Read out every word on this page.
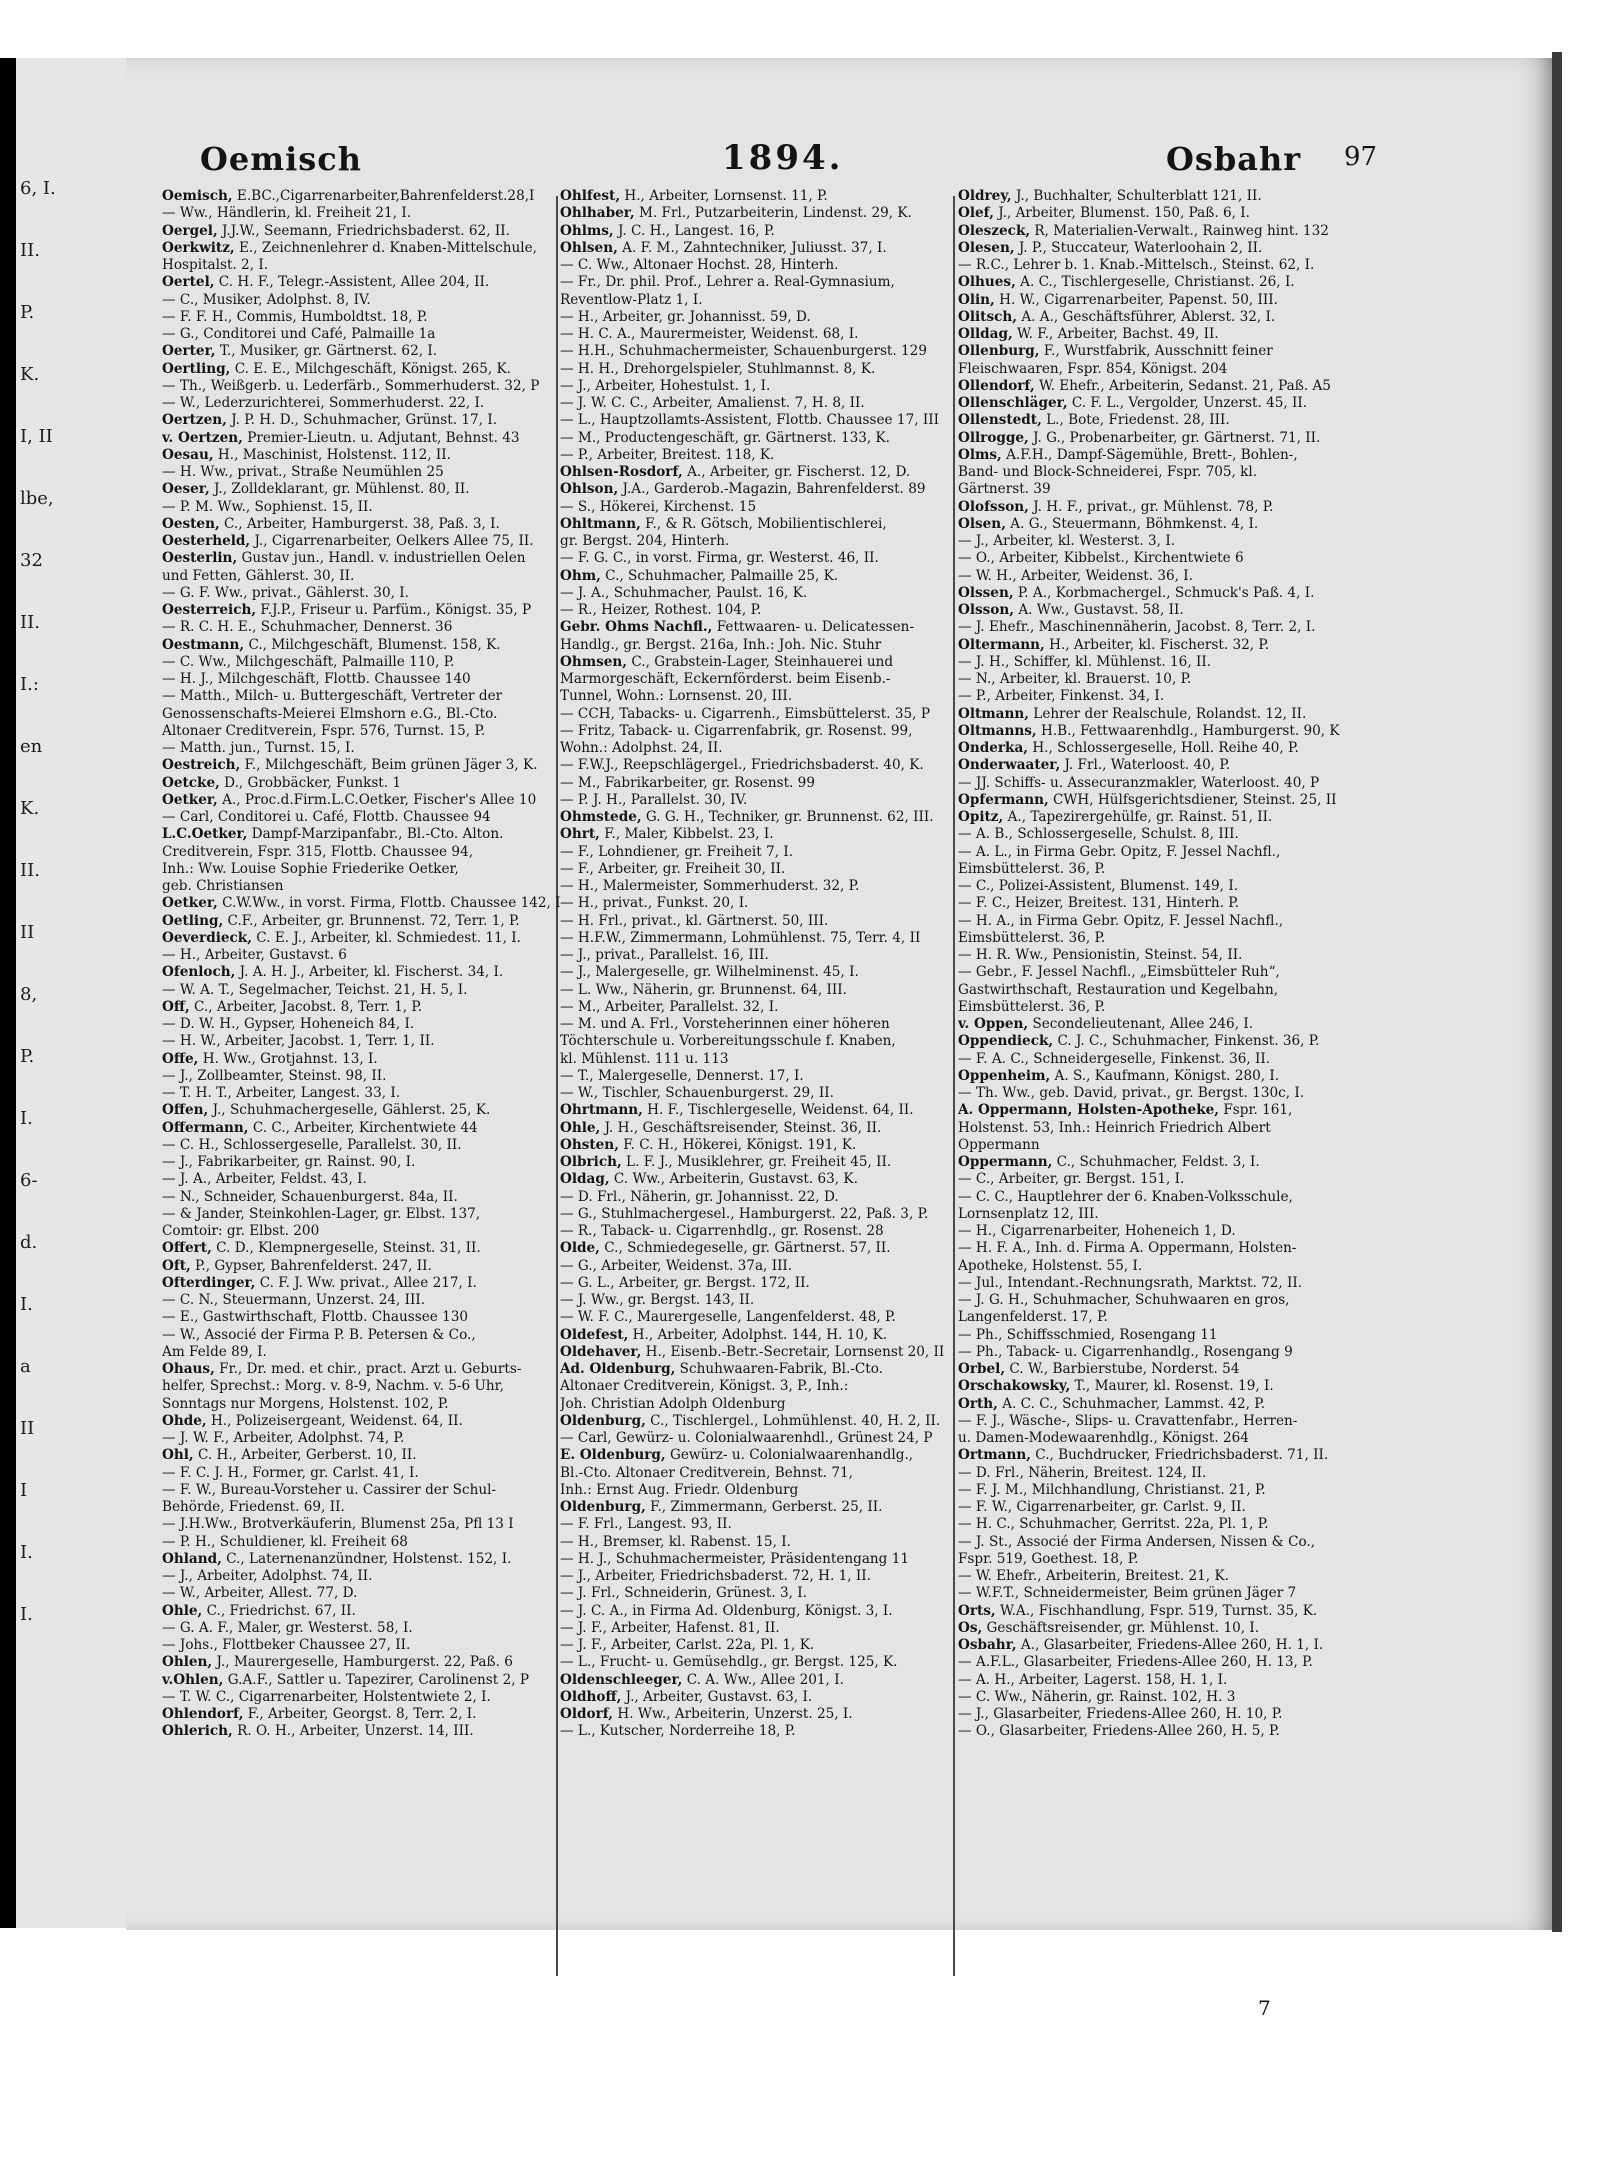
6, I.
II.
P.
K.
I, II
lbe,
32
II.
I.:
en
K.
II.
II
8,
P.
I.
6-
d.
I.
a
II
I
I.
I.
Oemisch	1894.	Osbahr 97
Oemisch, E.BC.,Cigarrenarbeiter,Bahrenfelderst.28,I
— Ww., Händlerin, kl. Freiheit 21, I.
Oergel, J.J.W., Seemann, Friedrichsbaderst. 62, II.
Oerkwitz, E., Zeichnenlehrer d. Knaben-Mittelschule,
Hospitalst. 2, I.
Oertel, C. H. F., Telegr.-Assistent, Allee 204, II.
— C., Musiker, Adolphst. 8, IV.
— F. F. H., Commis, Humboldtst. 18, P.
— G., Conditorei und Café, Palmaille 1a
Oerter, T., Musiker, gr. Gärtnerst. 62, I.
Oertling, C. E. E., Milchgeschäft, Königst. 265, K.
— Th., Weißgerb. u. Lederfärb., Sommerhuderst. 32, P
— W., Lederzurichterei, Sommerhuderst. 22, I.
Oertzen, J. P. H. D., Schuhmacher, Grünst. 17, I.
v. Oertzen, Premier-Lieutn. u. Adjutant, Behnst. 43
Oesau, H., Maschinist, Holstenst. 112, II.
— H. Ww., privat., Straße Neumühlen 25
Oeser, J., Zolldeklarant, gr. Mühlenst. 80, II.
— P. M. Ww., Sophienst. 15, II.
Oesten, C., Arbeiter, Hamburgerst. 38, Paß. 3, I.
Oesterheld, J., Cigarrenarbeiter, Oelkers Allee 75, II.
Oesterlin, Gustav jun., Handl. v. industriellen Oelen
und Fetten, Gählerst. 30, II.
— G. F. Ww., privat., Gählerst. 30, I.
Oesterreich, F.J.P., Friseur u. Parfüm., Königst. 35, P
— R. C. H. E., Schuhmacher, Dennerst. 36
Oestmann, C., Milchgeschäft, Blumenst. 158, K.
— C. Ww., Milchgeschäft, Palmaille 110, P.
— H. J., Milchgeschäft, Flottb. Chaussee 140
— Matth., Milch- u. Buttergeschäft, Vertreter der
Genossenschafts-Meierei Elmshorn e.G., Bl.-Cto.
Altonaer Creditverein, Fspr. 576, Turnst. 15, P.
— Matth. jun., Turnst. 15, I.
Oestreich, F., Milchgeschäft, Beim grünen Jäger 3, K.
Oetcke, D., Grobbäcker, Funkst. 1
Oetker, A., Proc.d.Firm.L.C.Oetker, Fischer's Allee 10
— Carl, Conditorei u. Café, Flottb. Chaussee 94
L.C.Oetker, Dampf-Marzipanfabr., Bl.-Cto. Alton.
Creditverein, Fspr. 315, Flottb. Chaussee 94,
Inh.: Ww. Louise Sophie Friederike Oetker,
geb. Christiansen
Oetker, C.W.Ww., in vorst. Firma, Flottb. Chaussee 142, I
Oetling, C.F., Arbeiter, gr. Brunnenst. 72, Terr. 1, P.
Oeverdieck, C. E. J., Arbeiter, kl. Schmiedest. 11, I.
— H., Arbeiter, Gustavst. 6
Ofenloch, J. A. H. J., Arbeiter, kl. Fischerst. 34, I.
— W. A. T., Segelmacher, Teichst. 21, H. 5, I.
Off, C., Arbeiter, Jacobst. 8, Terr. 1, P.
— D. W. H., Gypser, Hoheneich 84, I.
— H. W., Arbeiter, Jacobst. 1, Terr. 1, II.
Offe, H. Ww., Grotjahnst. 13, I.
— J., Zollbeamter, Steinst. 98, II.
— T. H. T., Arbeiter, Langest. 33, I.
Offen, J., Schuhmachergeselle, Gählerst. 25, K.
Offermann, C. C., Arbeiter, Kirchentwiete 44
— C. H., Schlossergeselle, Parallelst. 30, II.
— J., Fabrikarbeiter, gr. Rainst. 90, I.
— J. A., Arbeiter, Feldst. 43, I.
— N., Schneider, Schauenburgerst. 84a, II.
— & Jander, Steinkohlen-Lager, gr. Elbst. 137,
Comtoir: gr. Elbst. 200
Offert, C. D., Klempnergeselle, Steinst. 31, II.
Oft, P., Gypser, Bahrenfelderst. 247, II.
Ofterdinger, C. F. J. Ww. privat., Allee 217, I.
— C. N., Steuermann, Unzerst. 24, III.
— E., Gastwirthschaft, Flottb. Chaussee 130
— W., Associé der Firma P. B. Petersen & Co.,
Am Felde 89, I.
Ohaus, Fr., Dr. med. et chir., pract. Arzt u. Geburts-
helfer, Sprechst.: Morg. v. 8-9, Nachm. v. 5-6 Uhr,
Sonntags nur Morgens, Holstenst. 102, P.
Ohde, H., Polizeisergeant, Weidenst. 64, II.
— J. W. F., Arbeiter, Adolphst. 74, P.
Ohl, C. H., Arbeiter, Gerberst. 10, II.
— F. C. J. H., Former, gr. Carlst. 41, I.
— F. W., Bureau-Vorsteher u. Cassirer der Schul-
Behörde, Friedenst. 69, II.
— J.H.Ww., Brotverkäuferin, Blumenst 25a, Pfl 13 I
— P. H., Schuldiener, kl. Freiheit 68
Ohland, C., Laternenanzündner, Holstenst. 152, I.
— J., Arbeiter, Adolphst. 74, II.
— W., Arbeiter, Allest. 77, D.
Ohle, C., Friedrichst. 67, II.
— G. A. F., Maler, gr. Westerst. 58, I.
— Johs., Flottbeker Chaussee 27, II.
Ohlen, J., Maurergeselle, Hamburgerst. 22, Paß. 6
v.Ohlen, G.A.F., Sattler u. Tapezirer, Carolinenst 2, P
— T. W. C., Cigarrenarbeiter, Holstentwiete 2, I.
Ohlendorf, F., Arbeiter, Georgst. 8, Terr. 2, I.
Ohlerich, R. O. H., Arbeiter, Unzerst. 14, III.
Ohlfest, H., Arbeiter, Lornsenst. 11, P.
Ohlhaber, M. Frl., Putzarbeiterin, Lindenst. 29, K.
Ohlms, J. C. H., Langest. 16, P.
Ohlsen, A. F. M., Zahntechniker, Juliusst. 37, I.
— C. Ww., Altonaer Hochst. 28, Hinterh.
— Fr., Dr. phil. Prof., Lehrer a. Real-Gymnasium,
Reventlow-Platz 1, I.
— H., Arbeiter, gr. Johannisst. 59, D.
— H. C. A., Maurermeister, Weidenst. 68, I.
— H.H., Schuhmachermeister, Schauenburgerst. 129
— H. H., Drehorgelspieler, Stuhlmannst. 8, K.
— J., Arbeiter, Hohestulst. 1, I.
— J. W. C. C., Arbeiter, Amalienst. 7, H. 8, II.
— L., Hauptzollamts-Assistent, Flottb. Chaussee 17, III
— M., Productengeschäft, gr. Gärtnerst. 133, K.
— P., Arbeiter, Breitest. 118, K.
Ohlsen-Rosdorf, A., Arbeiter, gr. Fischerst. 12, D.
Ohlson, J.A., Garderob.-Magazin, Bahrenfelderst. 89
— S., Hökerei, Kirchenst. 15
Ohltmann, F., & R. Götsch, Mobilientischlerei,
gr. Bergst. 204, Hinterh.
— F. G. C., in vorst. Firma, gr. Westerst. 46, II.
Ohm, C., Schuhmacher, Palmaille 25, K.
— J. A., Schuhmacher, Paulst. 16, K.
— R., Heizer, Rothest. 104, P.
Gebr. Ohms Nachfl., Fettwaaren- u. Delicatessen-
Handlg., gr. Bergst. 216a, Inh.: Joh. Nic. Stuhr
Ohmsen, C., Grabstein-Lager, Steinhauerei und
Marmorgeschäft, Eckernförderst. beim Eisenb.-
Tunnel, Wohn.: Lornsenst. 20, III.
— CCH, Tabacks- u. Cigarrenh., Eimsbüttelerst. 35, P
— Fritz, Taback- u. Cigarrenfabrik, gr. Rosenst. 99,
Wohn.: Adolphst. 24, II.
— F.W.J., Reepschlägergel., Friedrichsbaderst. 40, K.
— M., Fabrikarbeiter, gr. Rosenst. 99
— P. J. H., Parallelst. 30, IV.
Ohmstede, G. G. H., Techniker, gr. Brunnenst. 62, III.
Ohrt, F., Maler, Kibbelst. 23, I.
— F., Lohndiener, gr. Freiheit 7, I.
— F., Arbeiter, gr. Freiheit 30, II.
— H., Malermeister, Sommerhuderst. 32, P.
— H., privat., Funkst. 20, I.
— H. Frl., privat., kl. Gärtnerst. 50, III.
— H.F.W., Zimmermann, Lohmühlenst. 75, Terr. 4, II
— J., privat., Parallelst. 16, III.
— J., Malergeselle, gr. Wilhelminenst. 45, I.
— L. Ww., Näherin, gr. Brunnenst. 64, III.
— M., Arbeiter, Parallelst. 32, I.
— M. und A. Frl., Vorsteherinnen einer höheren
Töchterschule u. Vorbereitungsschule f. Knaben,
kl. Mühlenst. 111 u. 113
— T., Malergeselle, Dennerst. 17, I.
— W., Tischler, Schauenburgerst. 29, II.
Ohrtmann, H. F., Tischlergeselle, Weidenst. 64, II.
Ohle, J. H., Geschäftsreisender, Steinst. 36, II.
Ohsten, F. C. H., Hökerei, Königst. 191, K.
Olbrich, L. F. J., Musiklehrer, gr. Freiheit 45, II.
Oldag, C. Ww., Arbeiterin, Gustavst. 63, K.
— D. Frl., Näherin, gr. Johannisst. 22, D.
— G., Stuhlmachergesel., Hamburgerst. 22, Paß. 3, P.
— R., Taback- u. Cigarrenhdlg., gr. Rosenst. 28
Olde, C., Schmiedegeselle, gr. Gärtnerst. 57, II.
— G., Arbeiter, Weidenst. 37a, III.
— G. L., Arbeiter, gr. Bergst. 172, II.
— J. Ww., gr. Bergst. 143, II.
— W. F. C., Maurergeselle, Langenfelderst. 48, P.
Oldefest, H., Arbeiter, Adolphst. 144, H. 10, K.
Oldehaver, H., Eisenb.-Betr.-Secretair, Lornsenst 20, II
Ad. Oldenburg, Schuhwaaren-Fabrik, Bl.-Cto.
Altonaer Creditverein, Königst. 3, P., Inh.:
Joh. Christian Adolph Oldenburg
Oldenburg, C., Tischlergel., Lohmühlenst. 40, H. 2, II.
— Carl, Gewürz- u. Colonialwaarenhdl., Grünest 24, P
E. Oldenburg, Gewürz- u. Colonialwaarenhandlg.,
Bl.-Cto. Altonaer Creditverein, Behnst. 71,
Inh.: Ernst Aug. Friedr. Oldenburg
Oldenburg, F., Zimmermann, Gerberst. 25, II.
— F. Frl., Langest. 93, II.
— H., Bremser, kl. Rabenst. 15, I.
— H. J., Schuhmachermeister, Präsidentengang 11
— J., Arbeiter, Friedrichsbaderst. 72, H. 1, II.
— J. Frl., Schneiderin, Grünest. 3, I.
— J. C. A., in Firma Ad. Oldenburg, Königst. 3, I.
— J. F., Arbeiter, Hafenst. 81, II.
— J. F., Arbeiter, Carlst. 22a, Pl. 1, K.
— L., Frucht- u. Gemüsehdlg., gr. Bergst. 125, K.
Oldenschleeger, C. A. Ww., Allee 201, I.
Oldhoff, J., Arbeiter, Gustavst. 63, I.
Oldorf, H. Ww., Arbeiterin, Unzerst. 25, I.
— L., Kutscher, Norderreihe 18, P.
Oldrey, J., Buchhalter, Schulterblatt 121, II.
Olef, J., Arbeiter, Blumenst. 150, Paß. 6, I.
Oleszeck, R, Materialien-Verwalt., Rainweg hint. 132
Olesen, J. P., Stuccateur, Waterloohain 2, II.
— R.C., Lehrer b. 1. Knab.-Mittelsch., Steinst. 62, I.
Olhues, A. C., Tischlergeselle, Christianst. 26, I.
Olin, H. W., Cigarrenarbeiter, Papenst. 50, III.
Olitsch, A. A., Geschäftsführer, Ablerst. 32, I.
Olldag, W. F., Arbeiter, Bachst. 49, II.
Ollenburg, F., Wurstfabrik, Ausschnitt feiner
Fleischwaaren, Fspr. 854, Königst. 204
Ollendorf, W. Ehefr., Arbeiterin, Sedanst. 21, Paß. A5
Ollenschläger, C. F. L., Vergolder, Unzerst. 45, II.
Ollenstedt, L., Bote, Friedenst. 28, III.
Ollrogge, J. G., Probenarbeiter, gr. Gärtnerst. 71, II.
Olms, A.F.H., Dampf-Sägemühle, Brett-, Bohlen-,
Band- und Block-Schneiderei, Fspr. 705, kl.
Gärtnerst. 39
Olofsson, J. H. F., privat., gr. Mühlenst. 78, P.
Olsen, A. G., Steuermann, Böhmkenst. 4, I.
— J., Arbeiter, kl. Westerst. 3, I.
— O., Arbeiter, Kibbelst., Kirchentwiete 6
— W. H., Arbeiter, Weidenst. 36, I.
Olssen, P. A., Korbmachergel., Schmuck's Paß. 4, I.
Olsson, A. Ww., Gustavst. 58, II.
— J. Ehefr., Maschinennäherin, Jacobst. 8, Terr. 2, I.
Oltermann, H., Arbeiter, kl. Fischerst. 32, P.
— J. H., Schiffer, kl. Mühlenst. 16, II.
— N., Arbeiter, kl. Brauerst. 10, P.
— P., Arbeiter, Finkenst. 34, I.
Oltmann, Lehrer der Realschule, Rolandst. 12, II.
Oltmanns, H.B., Fettwaarenhdlg., Hamburgerst. 90, K
Onderka, H., Schlossergeselle, Holl. Reihe 40, P.
Onderwaater, J. Frl., Waterloost. 40, P.
— JJ. Schiffs- u. Assecuranzmakler, Waterloost. 40, P
Opfermann, CWH, Hülfsgerichtsdiener, Steinst. 25, II
Opitz, A., Tapezirergehülfe, gr. Rainst. 51, II.
— A. B., Schlossergeselle, Schulst. 8, III.
— A. L., in Firma Gebr. Opitz, F. Jessel Nachfl.,
Eimsbüttelerst. 36, P.
— C., Polizei-Assistent, Blumenst. 149, I.
— F. C., Heizer, Breitest. 131, Hinterh. P.
— H. A., in Firma Gebr. Opitz, F. Jessel Nachfl.,
Eimsbüttelerst. 36, P.
— H. R. Ww., Pensionistin, Steinst. 54, II.
— Gebr., F. Jessel Nachfl., „Eimsbütteler Ruh“,
Gastwirthschaft, Restauration und Kegelbahn,
Eimsbüttelerst. 36, P.
v. Oppen, Secondelieutenant, Allee 246, I.
Oppendieck, C. J. C., Schuhmacher, Finkenst. 36, P.
— F. A. C., Schneidergeselle, Finkenst. 36, II.
Oppenheim, A. S., Kaufmann, Königst. 280, I.
— Th. Ww., geb. David, privat., gr. Bergst. 130c, I.
A. Oppermann, Holsten-Apotheke, Fspr. 161,
Holstenst. 53, Inh.: Heinrich Friedrich Albert
Oppermann
Oppermann, C., Schuhmacher, Feldst. 3, I.
— C., Arbeiter, gr. Bergst. 151, I.
— C. C., Hauptlehrer der 6. Knaben-Volksschule,
Lornsenplatz 12, III.
— H., Cigarrenarbeiter, Hoheneich 1, D.
— H. F. A., Inh. d. Firma A. Oppermann, Holsten-
Apotheke, Holstenst. 55, I.
— Jul., Intendant.-Rechnungsrath, Marktst. 72, II.
— J. G. H., Schuhmacher, Schuhwaaren en gros,
Langenfelderst. 17, P.
— Ph., Schiffsschmied, Rosengang 11
— Ph., Taback- u. Cigarrenhandlg., Rosengang 9
Orbel, C. W., Barbierstube, Norderst. 54
Orschakowsky, T., Maurer, kl. Rosenst. 19, I.
Orth, A. C. C., Schuhmacher, Lammst. 42, P.
— F. J., Wäsche-, Slips- u. Cravattenfabr., Herren-
u. Damen-Modewaarenhdlg., Königst. 264
Ortmann, C., Buchdrucker, Friedrichsbaderst. 71, II.
— D. Frl., Näherin, Breitest. 124, II.
— F. J. M., Milchhandlung, Christianst. 21, P.
— F. W., Cigarrenarbeiter, gr. Carlst. 9, II.
— H. C., Schuhmacher, Gerritst. 22a, Pl. 1, P.
— J. St., Associé der Firma Andersen, Nissen & Co.,
Fspr. 519, Goethest. 18, P.
— W. Ehefr., Arbeiterin, Breitest. 21, K.
— W.F.T., Schneidermeister, Beim grünen Jäger 7
Orts, W.A., Fischhandlung, Fspr. 519, Turnst. 35, K.
Os, Geschäftsreisender, gr. Mühlenst. 10, I.
Osbahr, A., Glasarbeiter, Friedens-Allee 260, H. 1, I.
— A.F.L., Glasarbeiter, Friedens-Allee 260, H. 13, P.
— A. H., Arbeiter, Lagerst. 158, H. 1, I.
— C. Ww., Näherin, gr. Rainst. 102, H. 3
— J., Glasarbeiter, Friedens-Allee 260, H. 10, P.
— O., Glasarbeiter, Friedens-Allee 260, H. 5, P.
7
